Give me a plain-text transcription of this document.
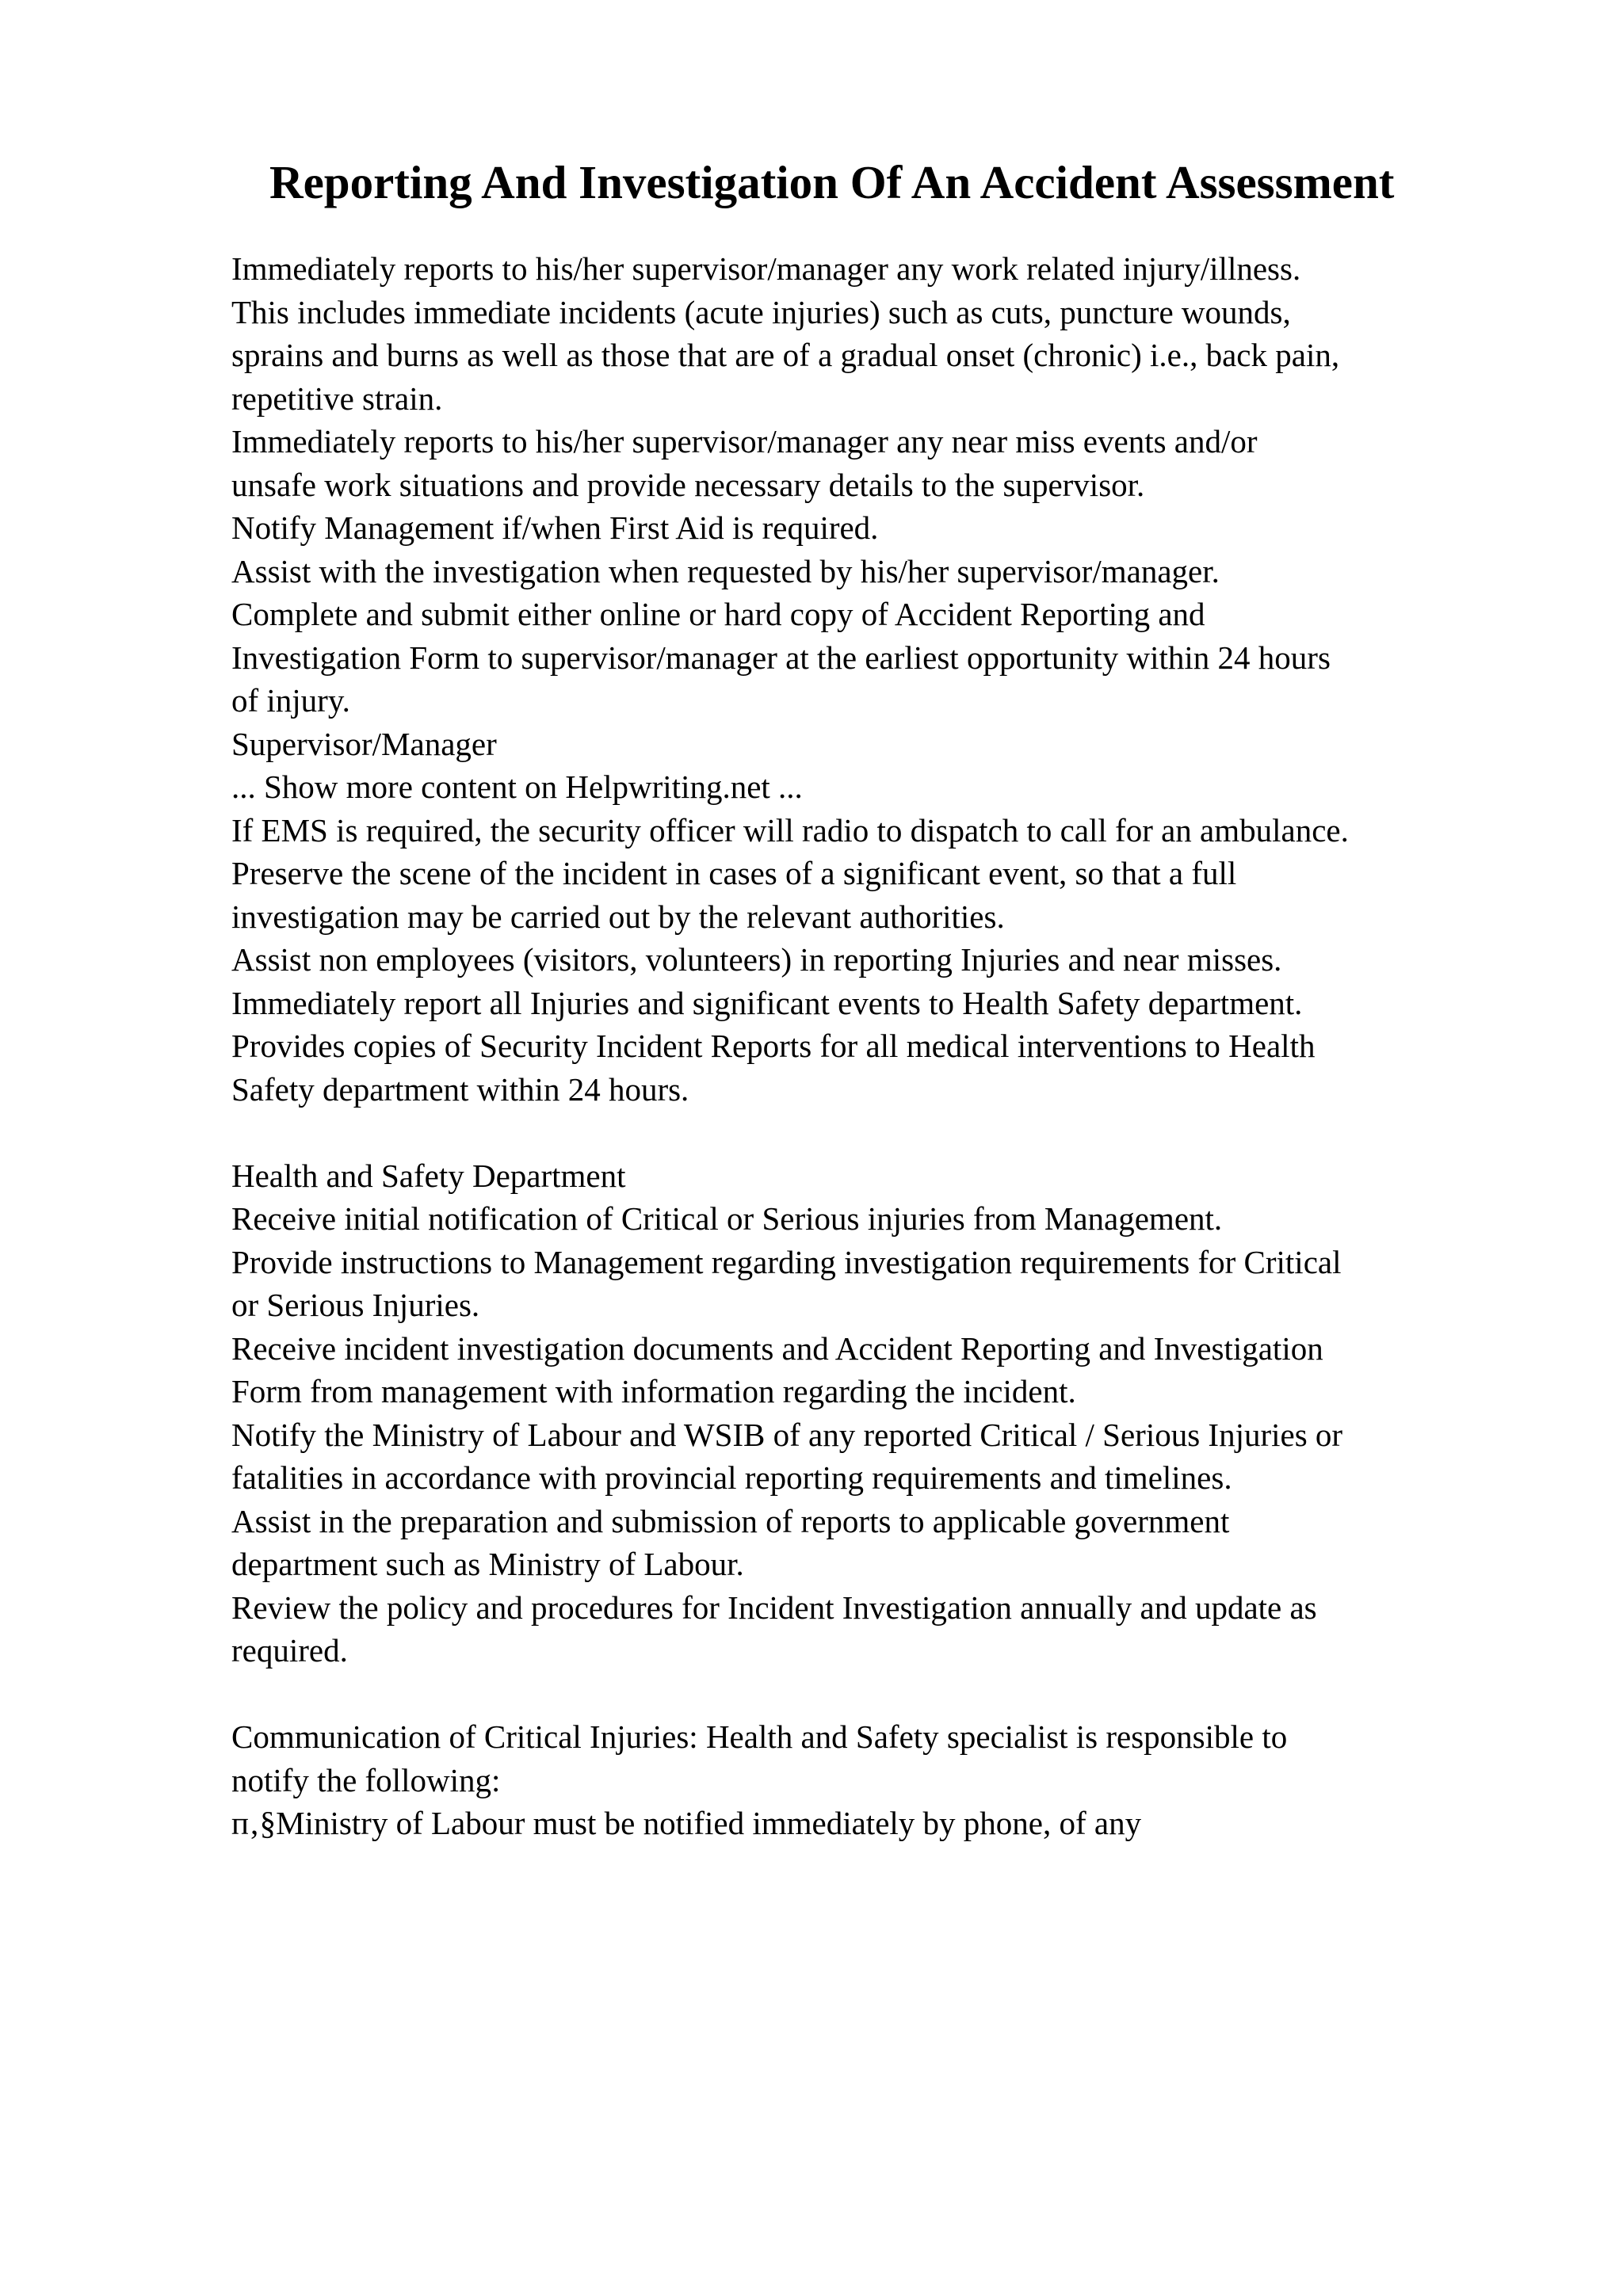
Reporting And Investigation Of An Accident Assessment
Immediately reports to his/her supervisor/manager any work related injury/illness.
This includes immediate incidents (acute injuries) such as cuts, puncture wounds,
sprains and burns as well as those that are of a gradual onset (chronic) i.e., back pain,
repetitive strain.
Immediately reports to his/her supervisor/manager any near miss events and/or
unsafe work situations and provide necessary details to the supervisor.
Notify Management if/when First Aid is required.
Assist with the investigation when requested by his/her supervisor/manager.
Complete and submit either online or hard copy of Accident Reporting and
Investigation Form to supervisor/manager at the earliest opportunity within 24 hours
of injury.
Supervisor/Manager
... Show more content on Helpwriting.net ...
If EMS is required, the security officer will radio to dispatch to call for an ambulance.
Preserve the scene of the incident in cases of a significant event, so that a full
investigation may be carried out by the relevant authorities.
Assist non employees (visitors, volunteers) in reporting Injuries and near misses.
Immediately report all Injuries and significant events to Health Safety department.
Provides copies of Security Incident Reports for all medical interventions to Health
Safety department within 24 hours.
Health and Safety Department
Receive initial notification of Critical or Serious injuries from Management.
Provide instructions to Management regarding investigation requirements for Critical
or Serious Injuries.
Receive incident investigation documents and Accident Reporting and Investigation
Form from management with information regarding the incident.
Notify the Ministry of Labour and WSIB of any reported Critical / Serious Injuries or
fatalities in accordance with provincial reporting requirements and timelines.
Assist in the preparation and submission of reports to applicable government
department such as Ministry of Labour.
Review the policy and procedures for Incident Investigation annually and update as
required.
Communication of Critical Injuries: Health and Safety specialist is responsible to
notify the following:
п‚§Ministry of Labour must be notified immediately by phone, of any
